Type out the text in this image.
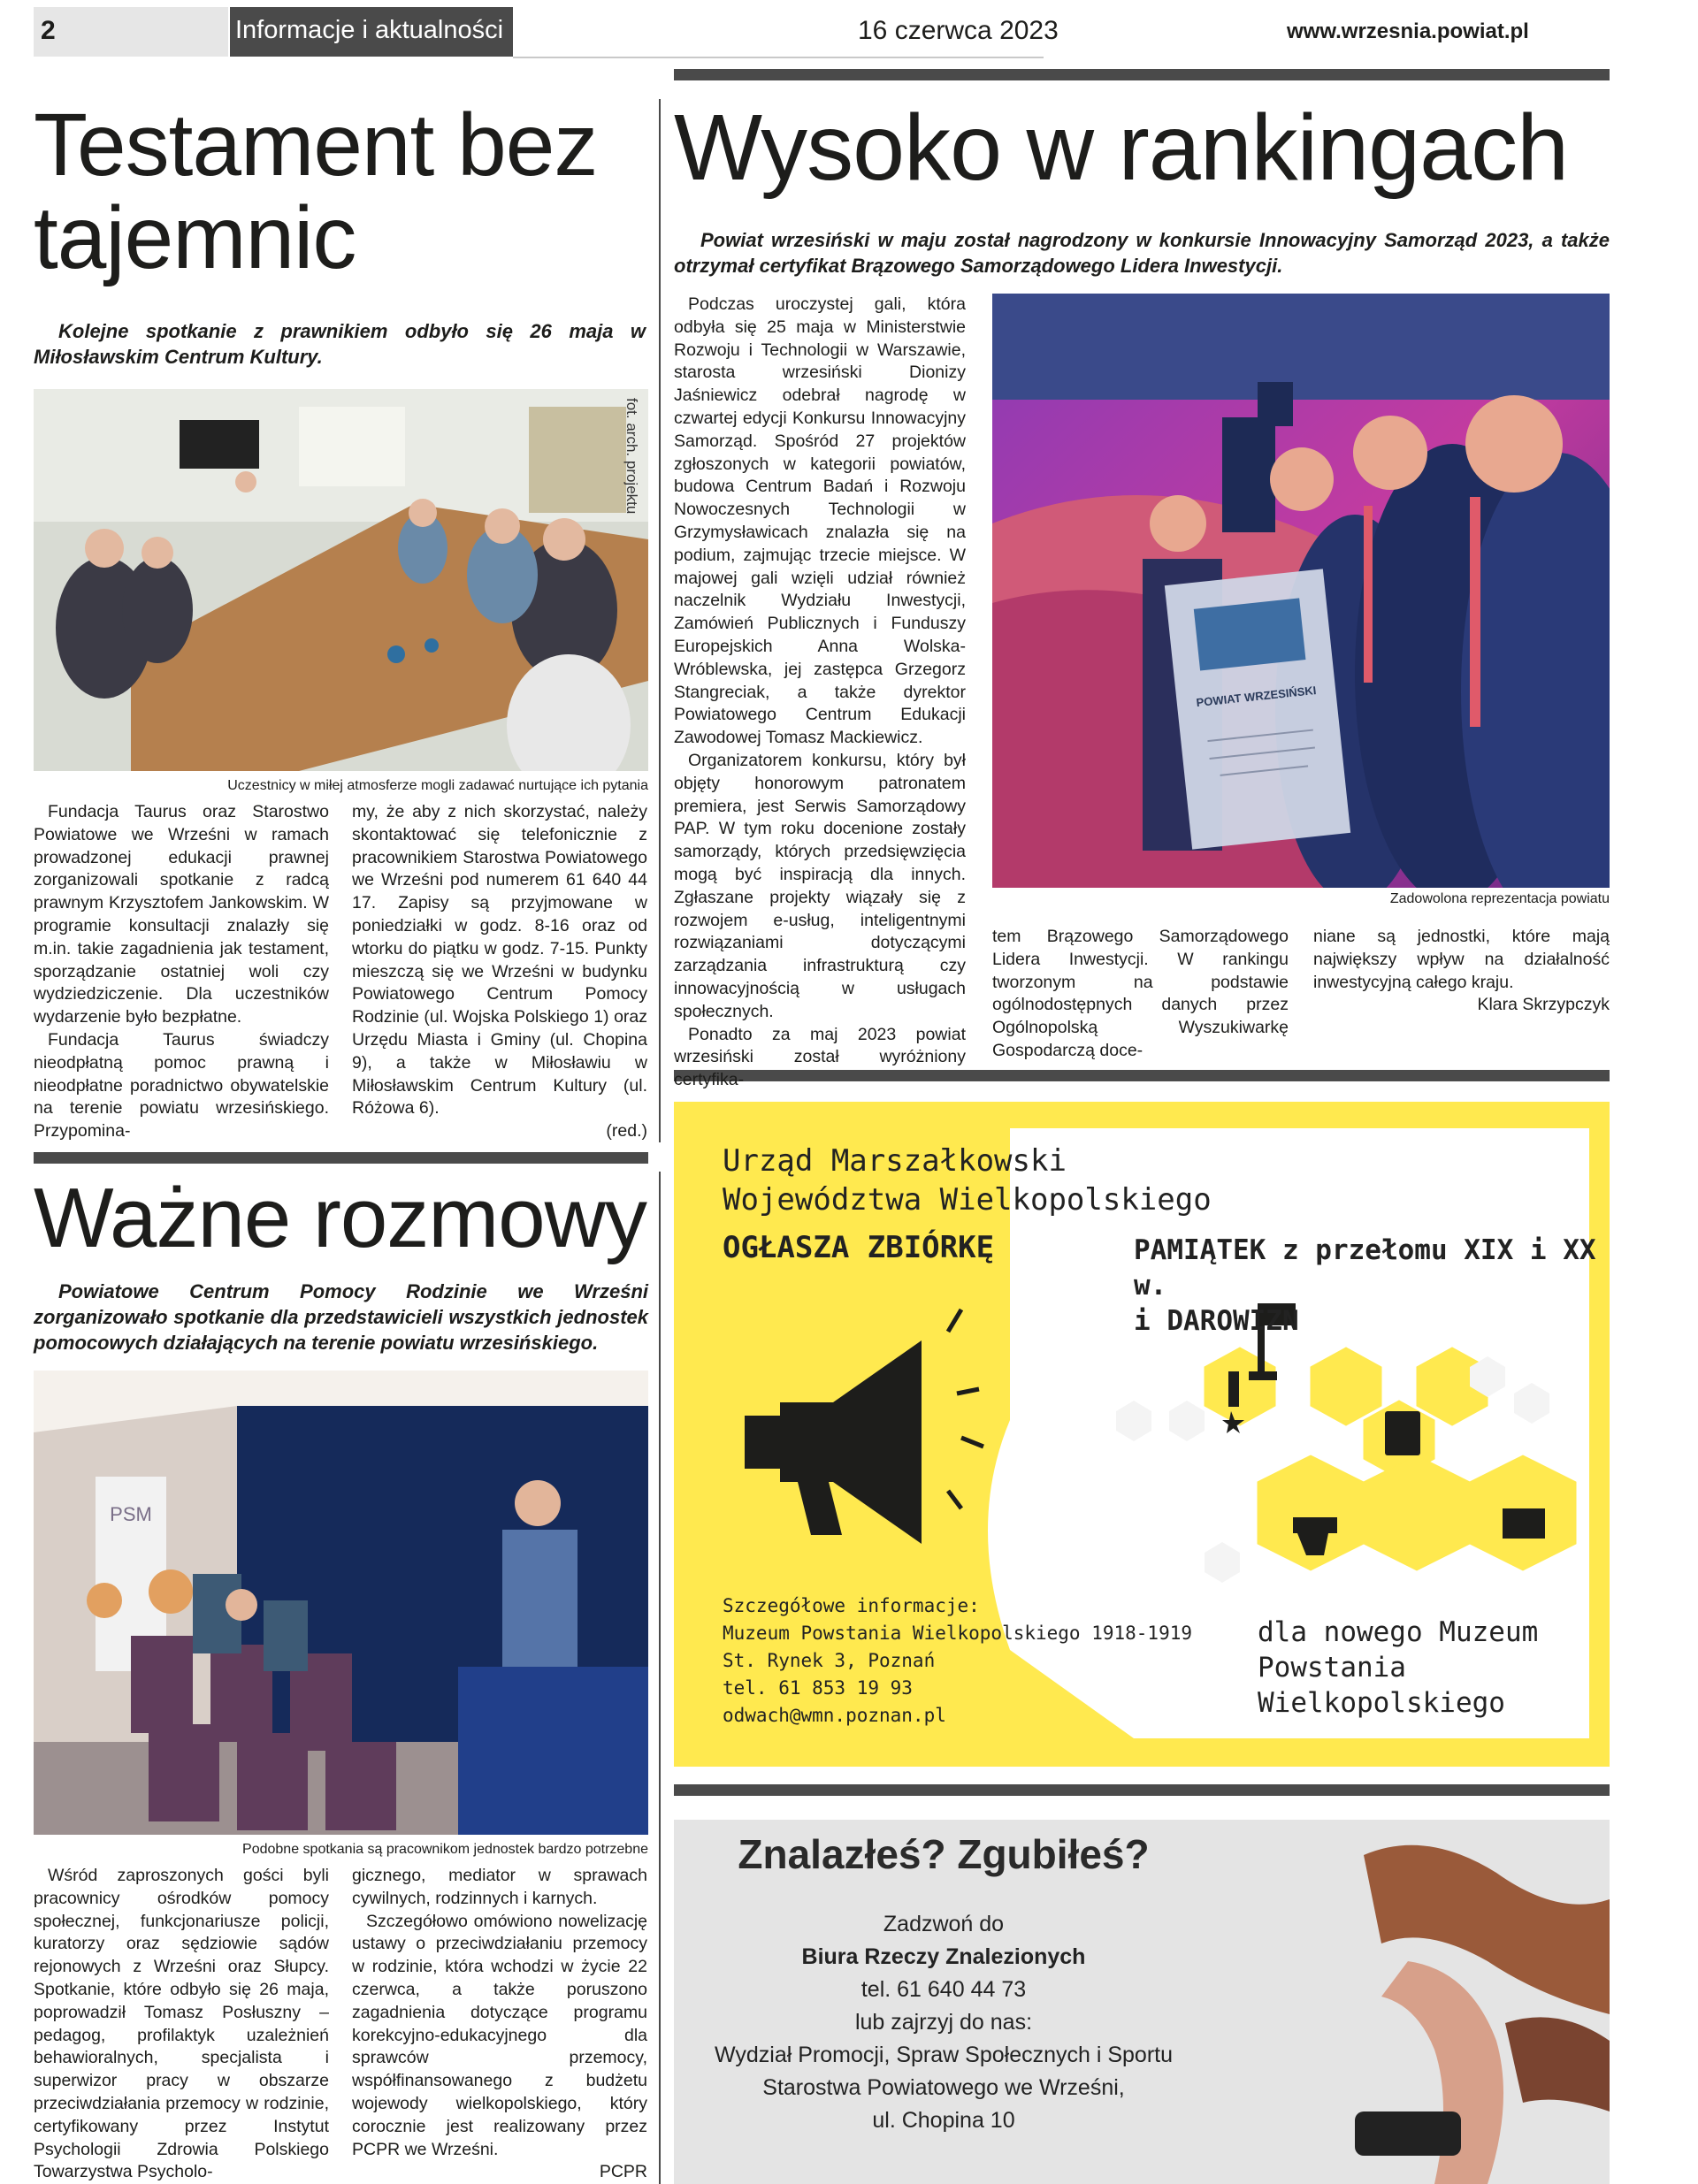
2	Informacje i aktualności	16 czerwca 2023	www.wrzesnia.powiat.pl
Testament bez
tajemnic
Kolejne spotkanie z prawnikiem odbyło się 26 maja w Miłosławskim Centrum Kultury.
fot. arch. projektu
Uczestnicy w miłej atmosferze mogli zadawać nurtujące ich pytania

Fundacja Taurus oraz Starostwo Powiatowe we Wrześni w ramach prowadzonej edukacji prawnej zorganizowali spotkanie z radcą prawnym Krzysztofem Jankowskim. W programie konsultacji znalazły się m.in. takie zagadnienia jak testament, sporządzanie ostatniej woli czy wydziedziczenie. Dla uczestników wydarzenie było bezpłatne.

Fundacja Taurus świadczy nieodpłatną pomoc prawną i nieodpłatne poradnictwo obywatelskie na terenie powiatu wrzesińskiego. Przypomina-

my, że aby z nich skorzystać, należy skontaktować się telefonicznie z pracownikiem Starostwa Powiatowego we Wrześni pod numerem 61 640 44 17. Zapisy są przyjmowane w poniedziałki w godz. 8-16 oraz od wtorku do piątku w godz. 7-15. Punkty mieszczą się we Wrześni w budynku Powiatowego Centrum Pomocy Rodzinie (ul. Wojska Polskiego 1) oraz Urzędu Miasta i Gminy (ul. Chopina 9), a także w Miłosławiu w Miłosławskim Centrum Kultury (ul. Różowa 6).

(red.)
Ważne rozmowy
Powiatowe Centrum Pomocy Rodzinie we Wrześni zorganizowało spotkanie dla przedstawicieli wszystkich jednostek pomocowych działających na terenie powiatu wrzesińskiego.
PSM
Podobne spotkania są pracownikom jednostek bardzo potrzebne

Wśród zaproszonych gości byli pracownicy ośrodków pomocy społecznej, funkcjonariusze policji, kuratorzy oraz sędziowie sądów rejonowych z Wrześni oraz Słupcy. Spotkanie, które odbyło się 26 maja, poprowadził Tomasz Posłuszny – pedagog, profilaktyk uzależnień behawioralnych, specjalista i superwizor pracy w obszarze przeciwdziałania przemocy w rodzinie, certyfikowany przez Instytut Psychologii Zdrowia Polskiego Towarzystwa Psycholo-

gicznego, mediator w sprawach cywilnych, rodzinnych i karnych.

Szczegółowo omówiono nowelizację ustawy o przeciwdziałaniu przemocy w rodzinie, która wchodzi w życie 22 czerwca, a także poruszono zagadnienia dotyczące programu korekcyjno-edukacyjnego dla sprawców przemocy, współfinansowanego z budżetu wojewody wielkopolskiego, który corocznie jest realizowany przez PCPR we Wrześni.

PCPR
Wysoko w rankingach
Powiat wrzesiński w maju został nagrodzony w konkursie Innowacyjny Samorząd 2023, a także otrzymał certyfikat Brązowego Samorządowego Lidera Inwestycji.

Podczas uroczystej gali, która odbyła się 25 maja w Ministerstwie Rozwoju i Technologii w Warszawie, starosta wrzesiński Dionizy Jaśniewicz odebrał nagrodę w czwartej edycji Konkursu Innowacyjny Samorząd. Spośród 27 projektów zgłoszonych w kategorii powiatów, budowa Centrum Badań i Rozwoju Nowoczesnych Technologii w Grzymysławicach znalazła się na podium, zajmując trzecie miejsce. W majowej gali wzięli udział również naczelnik Wydziału Inwestycji, Zamówień Publicznych i Funduszy Europejskich Anna Wolska-Wróblewska, jej zastępca Grzegorz Stangreciak, a także dyrektor Powiatowego Centrum Edukacji Zawodowej Tomasz Mackiewicz.

Organizatorem konkursu, który był objęty honorowym patronatem premiera, jest Serwis Samorządowy PAP. W tym roku docenione zostały samorządy, których przedsięwzięcia mogą być inspiracją dla innych. Zgłaszane projekty wiązały się z rozwojem e-usług, inteligentnymi rozwiązaniami dotyczącymi zarządzania infrastrukturą czy innowacyjnością w usługach społecznych.

Ponadto za maj 2023 powiat wrzesiński został wyróżniony certyfika-

POWIAT WRZESIŃSKI
Zadowolona reprezentacja powiatu

tem Brązowego Samorządowego Lidera Inwestycji. W rankingu tworzonym na podstawie ogólnodostępnych danych przez Ogólnopolską Wyszukiwarkę Gospodarczą doce-

niane są jednostki, które mają największy wpływ na działalność inwestycyjną całego kraju.

Klara Skrzypczyk
Urząd Marszałkowski
Województwa Wielkopolskiego
OGŁASZA ZBIÓRKĘ	PAMIĄTEK z przełomu XIX i XX w.
i DAROWIZN
Szczegółowe informacje:
Muzeum Powstania Wielkopolskiego 1918-1919
St. Rynek 3, Poznań
tel. 61 853 19 93
odwach@wmn.poznan.pl
dla nowego Muzeum
Powstania Wielkopolskiego
Znalazłeś? Zgubiłeś?
Zadzwoń do
Biura Rzeczy Znalezionych
tel. 61 640 44 73
lub zajrzyj do nas:
Wydział Promocji, Spraw Społecznych i Sportu
Starostwa Powiatowego we Wrześni,
ul. Chopina 10
